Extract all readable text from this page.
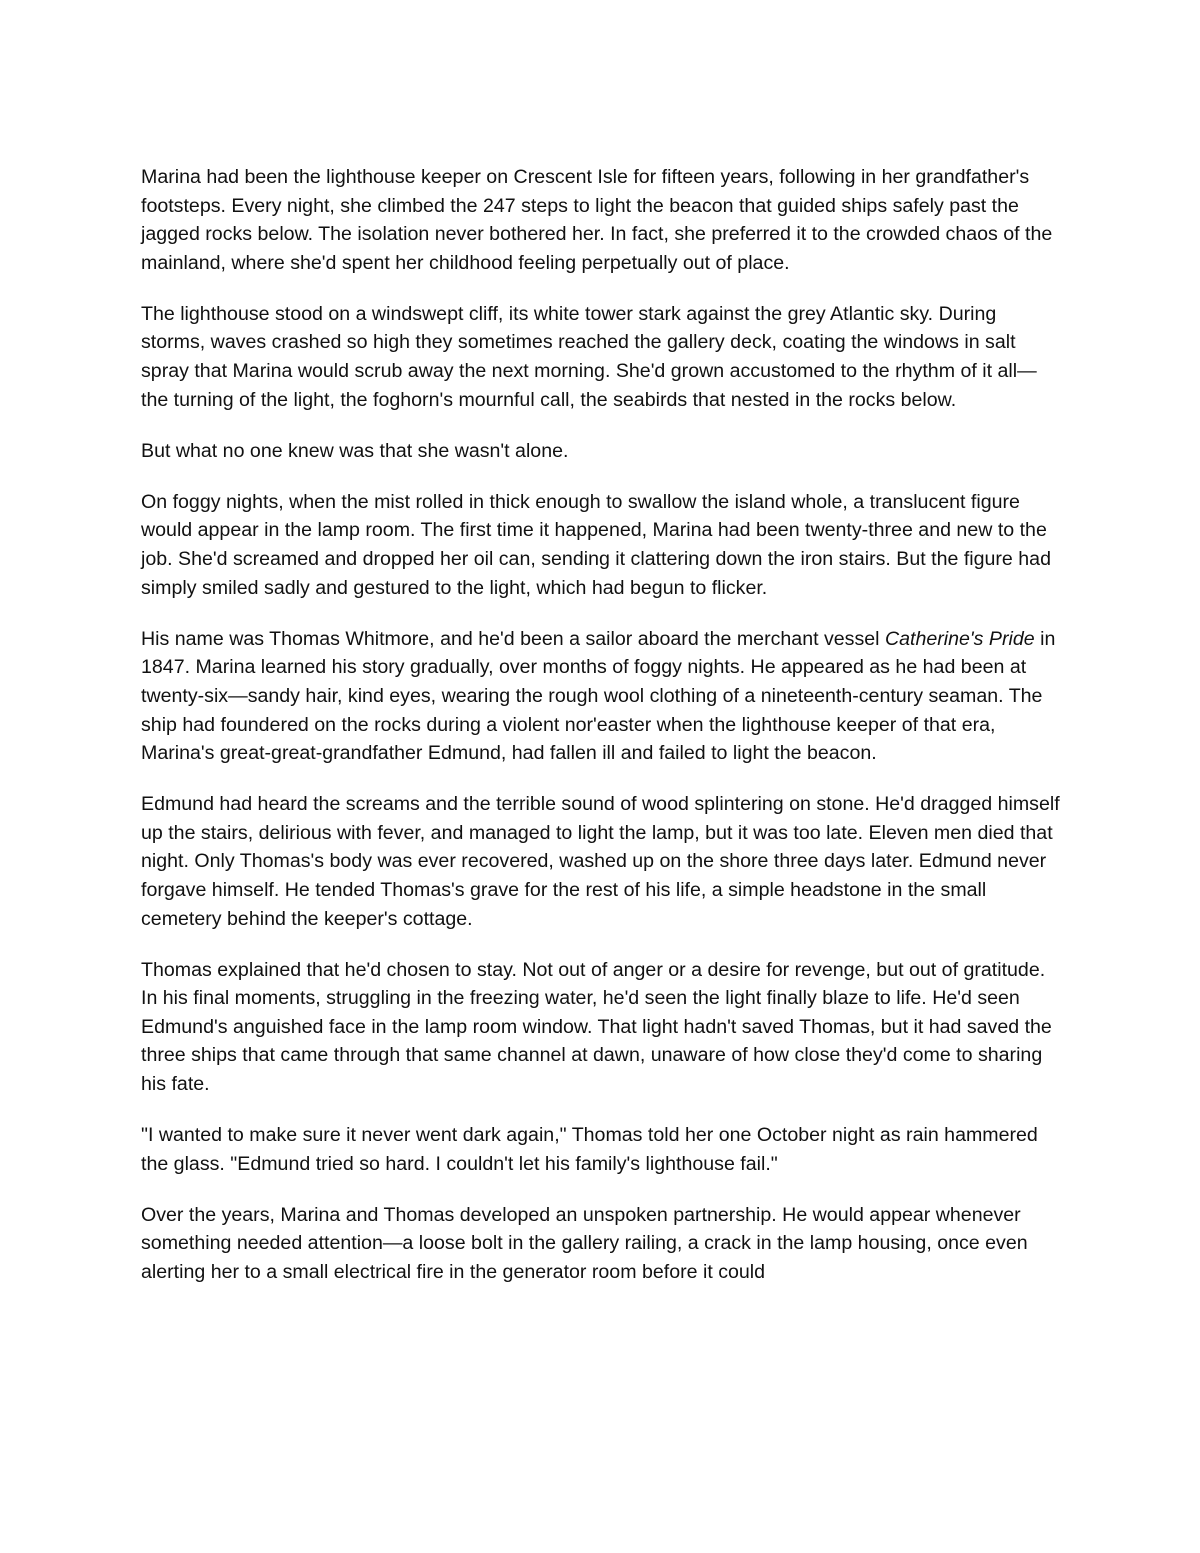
Marina had been the lighthouse keeper on Crescent Isle for fifteen years, following in her grandfather's footsteps. Every night, she climbed the 247 steps to light the beacon that guided ships safely past the jagged rocks below. The isolation never bothered her. In fact, she preferred it to the crowded chaos of the mainland, where she'd spent her childhood feeling perpetually out of place.

The lighthouse stood on a windswept cliff, its white tower stark against the grey Atlantic sky. During storms, waves crashed so high they sometimes reached the gallery deck, coating the windows in salt spray that Marina would scrub away the next morning. She'd grown accustomed to the rhythm of it all—the turning of the light, the foghorn's mournful call, the seabirds that nested in the rocks below.

But what no one knew was that she wasn't alone.

On foggy nights, when the mist rolled in thick enough to swallow the island whole, a translucent figure would appear in the lamp room. The first time it happened, Marina had been twenty-three and new to the job. She'd screamed and dropped her oil can, sending it clattering down the iron stairs. But the figure had simply smiled sadly and gestured to the light, which had begun to flicker.

His name was Thomas Whitmore, and he'd been a sailor aboard the merchant vessel Catherine's Pride in 1847. Marina learned his story gradually, over months of foggy nights. He appeared as he had been at twenty-six—sandy hair, kind eyes, wearing the rough wool clothing of a nineteenth-century seaman. The ship had foundered on the rocks during a violent nor'easter when the lighthouse keeper of that era, Marina's great-great-grandfather Edmund, had fallen ill and failed to light the beacon.

Edmund had heard the screams and the terrible sound of wood splintering on stone. He'd dragged himself up the stairs, delirious with fever, and managed to light the lamp, but it was too late. Eleven men died that night. Only Thomas's body was ever recovered, washed up on the shore three days later. Edmund never forgave himself. He tended Thomas's grave for the rest of his life, a simple headstone in the small cemetery behind the keeper's cottage.

Thomas explained that he'd chosen to stay. Not out of anger or a desire for revenge, but out of gratitude. In his final moments, struggling in the freezing water, he'd seen the light finally blaze to life. He'd seen Edmund's anguished face in the lamp room window. That light hadn't saved Thomas, but it had saved the three ships that came through that same channel at dawn, unaware of how close they'd come to sharing his fate.

"I wanted to make sure it never went dark again," Thomas told her one October night as rain hammered the glass. "Edmund tried so hard. I couldn't let his family's lighthouse fail."

Over the years, Marina and Thomas developed an unspoken partnership. He would appear whenever something needed attention—a loose bolt in the gallery railing, a crack in the lamp housing, once even alerting her to a small electrical fire in the generator room before it could
